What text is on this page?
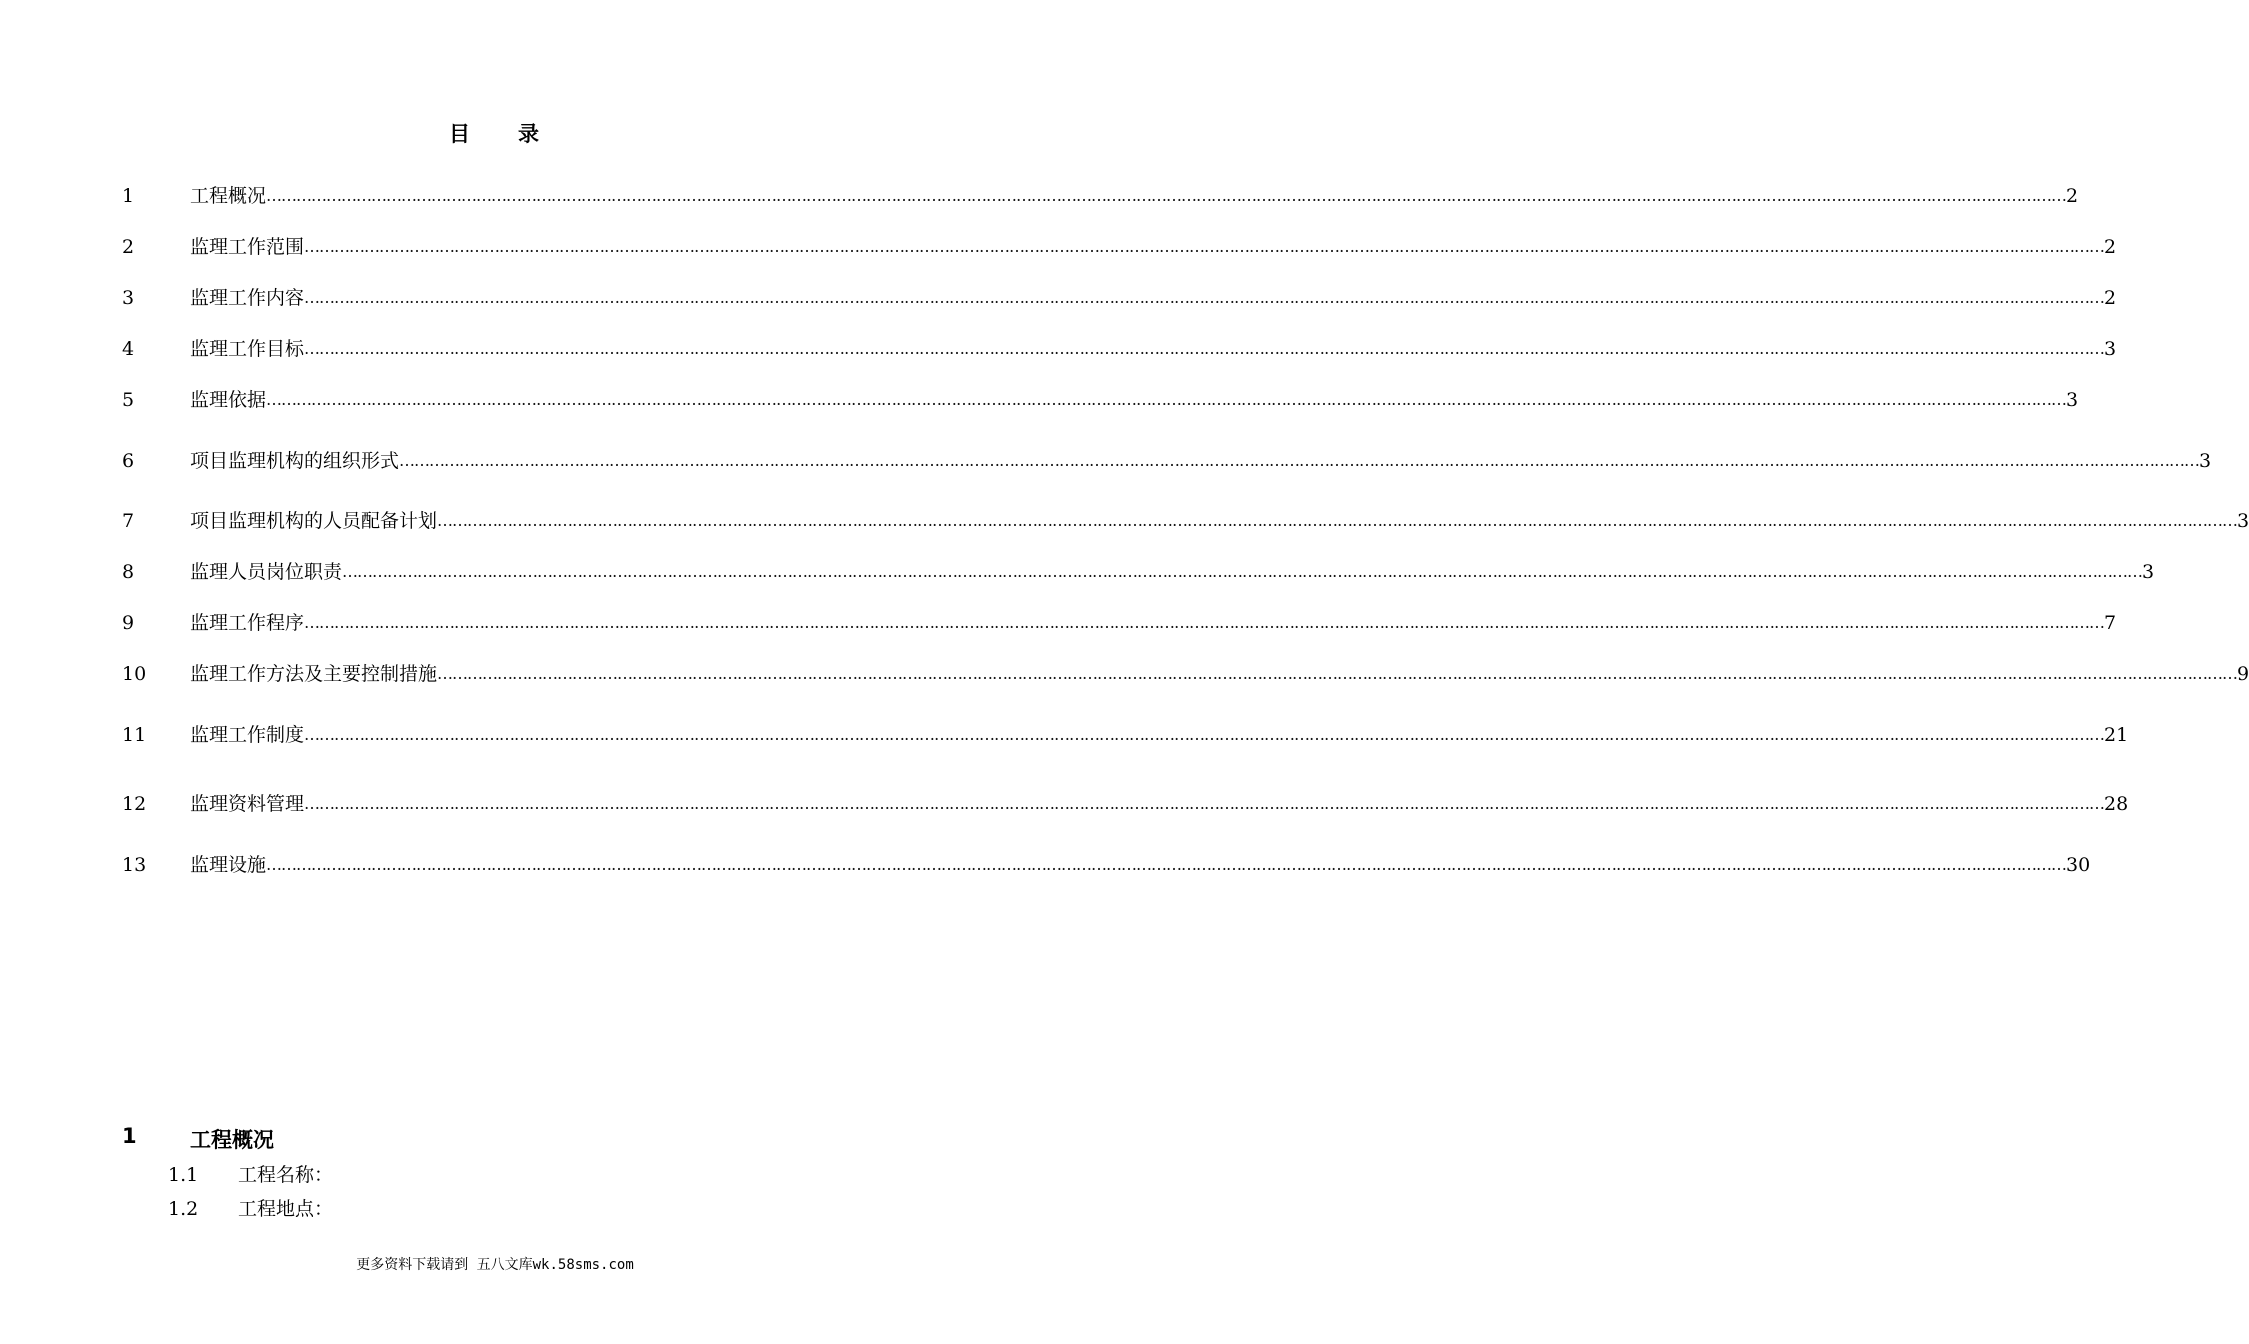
目 录
1	工程概况 ……………………………………………………………………………………………………………………………………………………………………………………………………………………………………………………………………………………………………………………………… 2
2	监理工作范围 ……………………………………………………………………………………………………………………………………………………………………………………………………………………………………………………………………………………………………………………………… 2
3	监理工作内容 ……………………………………………………………………………………………………………………………………………………………………………………………………………………………………………………………………………………………………………………………… 2
4	监理工作目标 ……………………………………………………………………………………………………………………………………………………………………………………………………………………………………………………………………………………………………………………………… 3
5	监理依据 ……………………………………………………………………………………………………………………………………………………………………………………………………………………………………………………………………………………………………………………………… 3
6	项目监理机构的组织形式 ……………………………………………………………………………………………………………………………………………………………………………………………………………………………………………………………………………………………………………………………… 3
7	项目监理机构的人员配备计划 ……………………………………………………………………………………………………………………………………………………………………………………………………………………………………………………………………………………………………………………………… 3
8	监理人员岗位职责 ……………………………………………………………………………………………………………………………………………………………………………………………………………………………………………………………………………………………………………………………… 3
9	监理工作程序 ……………………………………………………………………………………………………………………………………………………………………………………………………………………………………………………………………………………………………………………………… 7
10 监理工作方法及主要控制措施 ……………………………………………………………………………………………………………………………………………………………………………………………………………………………………………………………………………………………………………………………… 9
11 监理工作制度 ……………………………………………………………………………………………………………………………………………………………………………………………………………………………………………………………………………………………………………………………… 21
12 监理资料管理 ……………………………………………………………………………………………………………………………………………………………………………………………………………………………………………………………………………………………………………………………… 28
13 监理设施 ……………………………………………………………………………………………………………………………………………………………………………………………………………………………………………………………………………………………………………………………… 30
1	工程概况
1.1 工程名称：
1.2 工程地点：
更多资料下载请到 五八文库wk.58sms.com
